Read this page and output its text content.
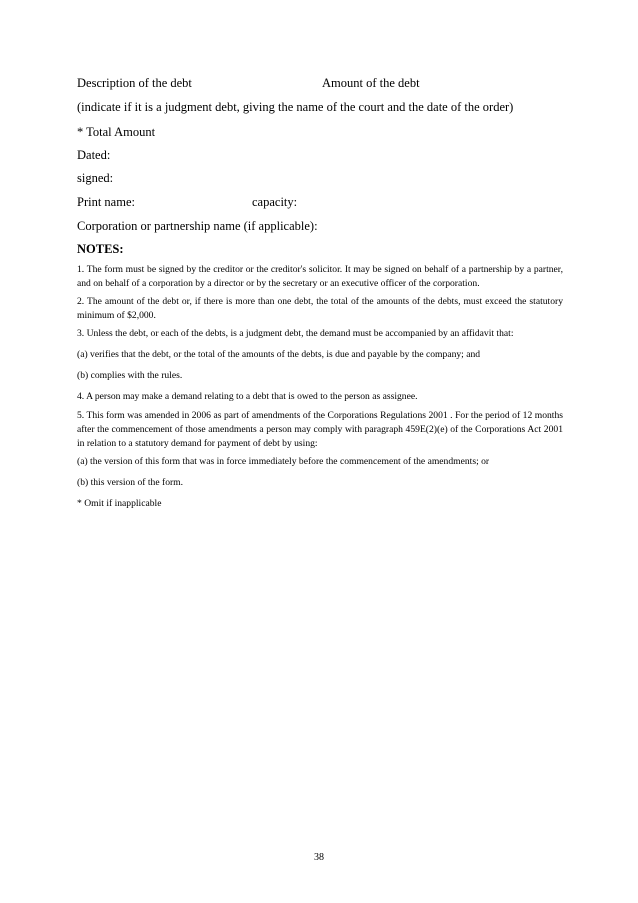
Description of the debt	Amount of the debt
(indicate if it is a judgment debt, giving the name of the court and the date of the order)
* Total Amount
Dated:
signed:
Print name:	capacity:
Corporation or partnership name (if applicable):
NOTES:
1. The form must be signed by the creditor or the creditor's solicitor. It may be signed on behalf of a partnership by a partner, and on behalf of a corporation by a director or by the secretary or an executive officer of the corporation.
2. The amount of the debt or, if there is more than one debt, the total of the amounts of the debts, must exceed the statutory minimum of $2,000.
3. Unless the debt, or each of the debts, is a judgment debt, the demand must be accompanied by an affidavit that:
(a) verifies that the debt, or the total of the amounts of the debts, is due and payable by the company; and
(b) complies with the rules.
4. A person may make a demand relating to a debt that is owed to the person as assignee.
5. This form was amended in 2006 as part of amendments of the Corporations Regulations 2001 . For the period of 12 months after the commencement of those amendments a person may comply with paragraph 459E(2)(e) of the Corporations Act 2001 in relation to a statutory demand for payment of debt by using:
(a) the version of this form that was in force immediately before the commencement of the amendments; or
(b) this version of the form.
* Omit if inapplicable
38
